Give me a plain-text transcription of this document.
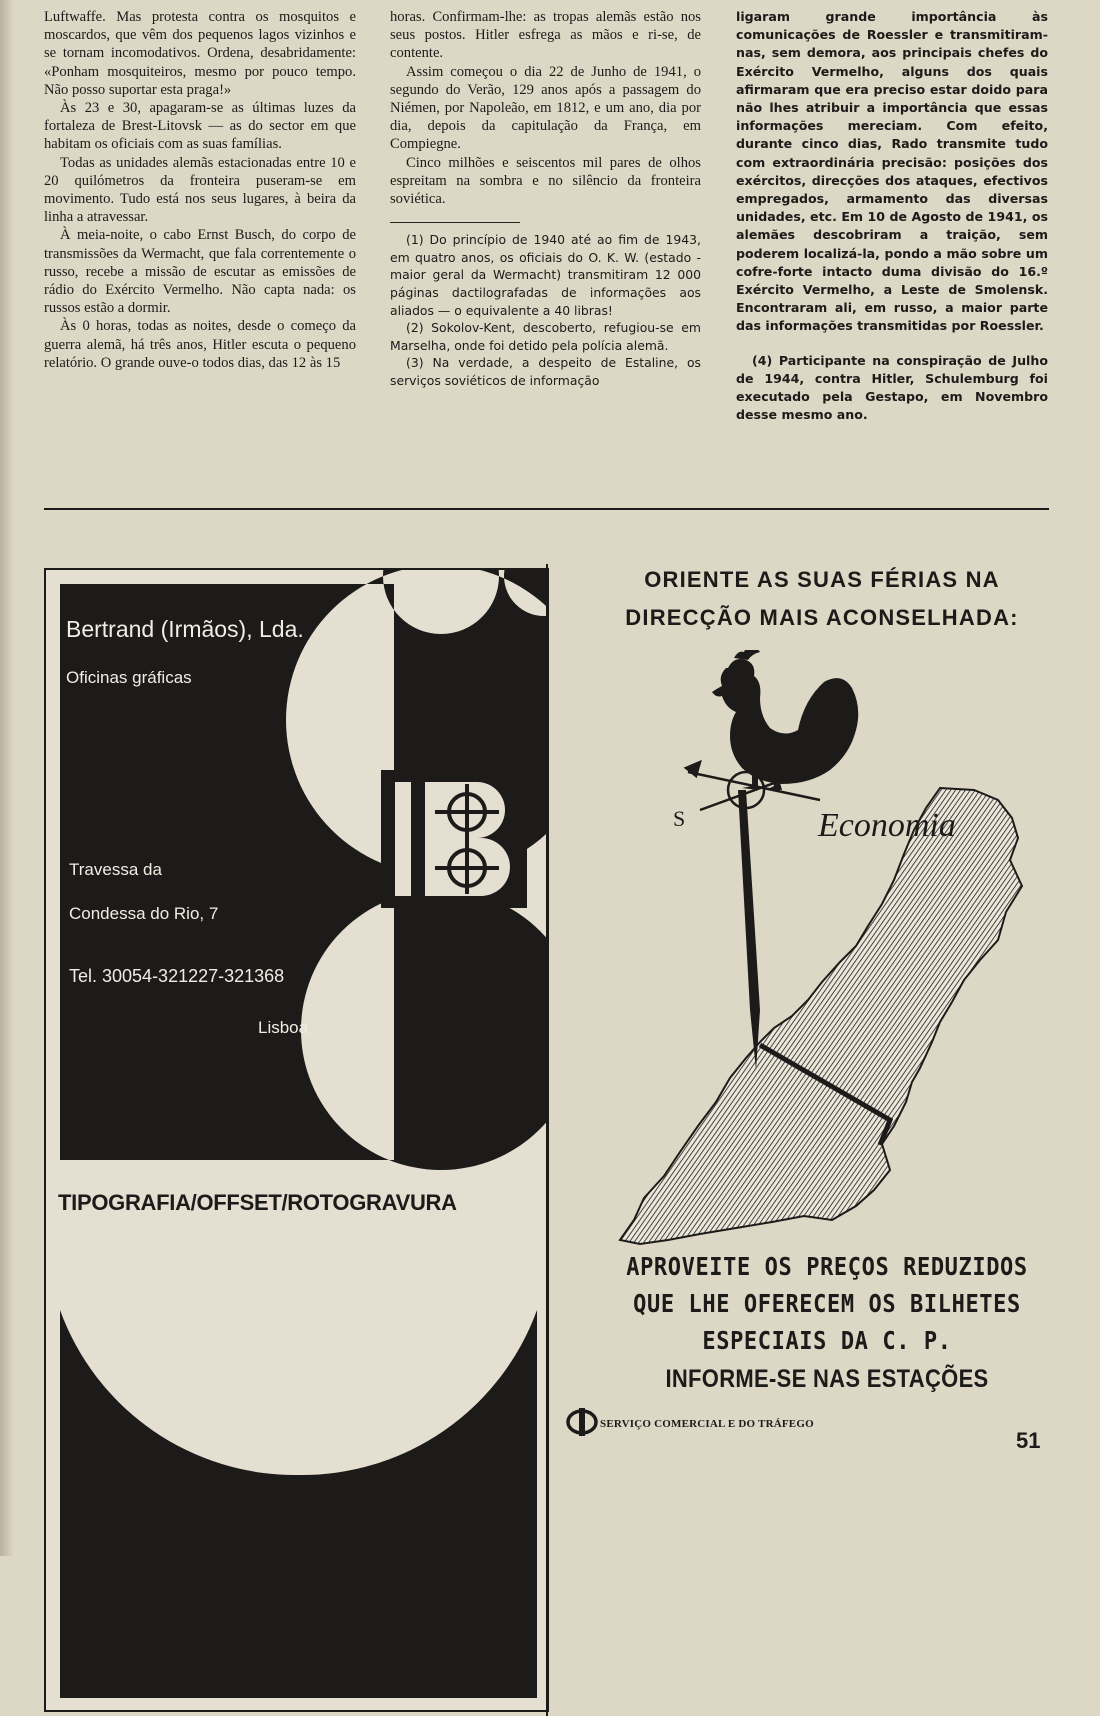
Luftwaffe. Mas protesta contra os mosquitos e moscardos, que vêm dos pequenos lagos vizinhos e se tornam incomodativos. Ordena, desabridamente: «Ponham mosquiteiros, mesmo por pouco tempo. Não posso suportar esta praga!»

Às 23 e 30, apagaram-se as últimas luzes da fortaleza de Brest-Litovsk — as do sector em que habitam os oficiais com as suas famílias.

Todas as unidades alemãs estacionadas entre 10 e 20 quilómetros da fronteira puseram-se em movimento. Tudo está nos seus lugares, à beira da linha a atravessar.

À meia-noite, o cabo Ernst Busch, do corpo de transmissões da Wermacht, que fala correntemente o russo, recebe a missão de escutar as emissões de rádio do Exército Vermelho. Não capta nada: os russos estão a dormir.

Às 0 horas, todas as noites, desde o começo da guerra alemã, há três anos, Hitler escuta o pequeno relatório. O grande ouve-o todos dias, das 12 às 15

horas. Confirmam-lhe: as tropas alemãs estão nos seus postos. Hitler esfrega as mãos e ri-se, de contente.

Assim começou o dia 22 de Junho de 1941, o segundo do Verão, 129 anos após a passagem do Niémen, por Napoleão, em 1812, e um ano, dia por dia, depois da capitulação da França, em Compiegne.

Cinco milhões e seiscentos mil pares de olhos espreitam na sombra e no silêncio da fronteira soviética.

(1) Do princípio de 1940 até ao fim de 1943, em quatro anos, os oficiais do O. K. W. (estado - maior geral da Wermacht) transmitiram 12 000 páginas dactilografadas de informações aos aliados — o equivalente a 40 libras!

(2) Sokolov-Kent, descoberto, refugiou-se em Marselha, onde foi detido pela polícia alemã.

(3) Na verdade, a despeito de Estaline, os serviços soviéticos de informação

ligaram grande importância às comunicações de Roessler e transmitiram-nas, sem demora, aos principais chefes do Exército Vermelho, alguns dos quais afirmaram que era preciso estar doido para não lhes atribuir a importância que essas informações mereciam. Com efeito, durante cinco dias, Rado transmite tudo com extraordinária precisão: posições dos exércitos, direcções dos ataques, efectivos empregados, armamento das diversas unidades, etc. Em 10 de Agosto de 1941, os alemães descobriram a traição, sem poderem localizá-la, pondo a mão sobre um cofre-forte intacto duma divisão do 16.º Exército Vermelho, a Leste de Smolensk. Encontraram ali, em russo, a maior parte das informações transmitidas por Roessler.

(4) Participante na conspiração de Julho de 1944, contra Hitler, Schulemburg foi executado pela Gestapo, em Novembro desse mesmo ano.

Bertrand (Irmãos), Lda.
Oficinas gráficas
Travessa da
Condessa do Rio, 7
Tel. 30054-321227-321368
Lisboa
TIPOGRAFIA/OFFSET/ROTOGRAVURA
ORIENTE AS SUAS FÉRIAS NA
DIRECÇÃO MAIS ACONSELHADA:
S	Economia
APROVEITE OS PREÇOS REDUZIDOS
QUE LHE OFERECEM OS BILHETES
ESPECIAIS DA C. P.
INFORME-SE NAS ESTAÇÕES
SERVIÇO COMERCIAL E DO TRÁFEGO
51
